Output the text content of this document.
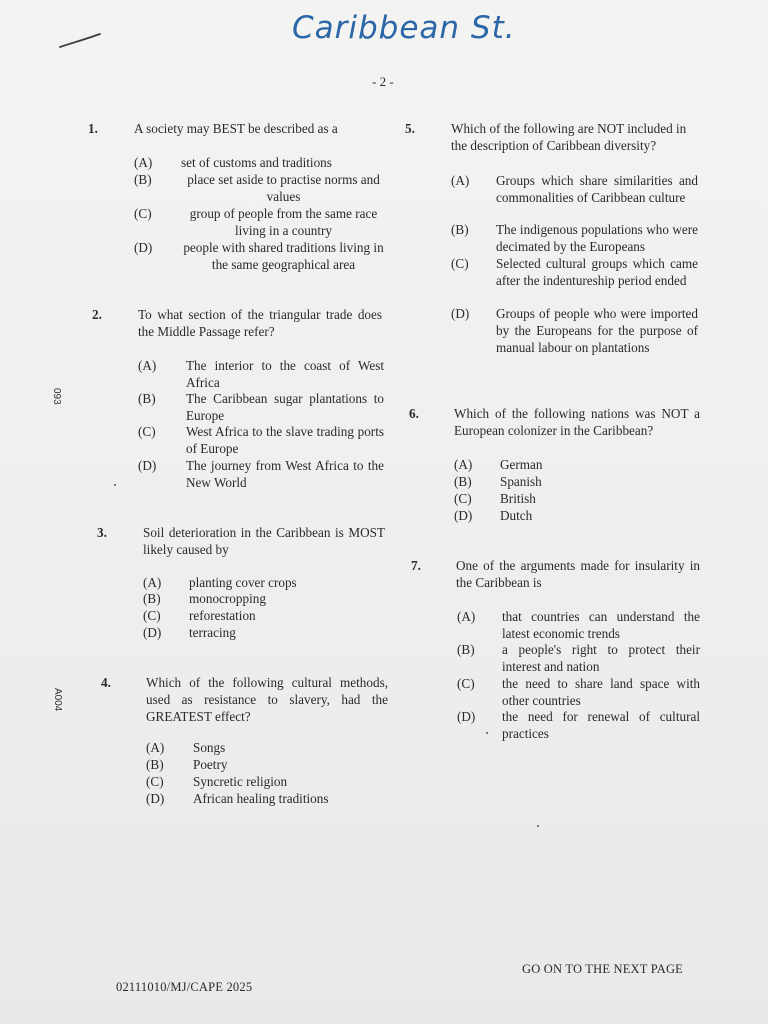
Caribbean St.
- 2 -
093
A004
1.	A society may BEST be described as a
(A) set of customs and traditions
(B)	place set aside to practise norms and values
(C)	group of people from the same race living in a country
(D) people with shared traditions living in the same geographical area
2.	To what section of the triangular trade does the Middle Passage refer?
(A) The interior to the coast of West Africa
(B) The Caribbean sugar plantations to Europe
(C) West Africa to the slave trading ports of Europe
(D) The journey from West Africa to the New World
3.	Soil deterioration in the Caribbean is MOST likely caused by
(A) planting cover crops
(B) monocropping
(C) reforestation
(D) terracing
4.	Which of the following cultural methods, used as resistance to slavery, had the GREATEST effect?
(A) Songs
(B) Poetry
(C) Syncretic religion
(D) African healing traditions
5.	Which of the following are NOT included in the description of Caribbean diversity?
(A) Groups which share similarities and commonalities of Caribbean culture
(B) The indigenous populations who were decimated by the Europeans
(C) Selected cultural groups which came after the indentureship period ended
(D) Groups of people who were imported by the Europeans for the purpose of manual labour on plantations
6.	Which of the following nations was NOT a European colonizer in the Caribbean?
(A) German
(B) Spanish
(C) British
(D) Dutch
7.	One of the arguments made for insularity in the Caribbean is
(A) that countries can understand the latest economic trends
(B) a people's right to protect their interest and nation
(C) the need to share land space with other countries
(D) the need for renewal of cultural practices
GO ON TO THE NEXT PAGE
02111010/MJ/CAPE 2025
